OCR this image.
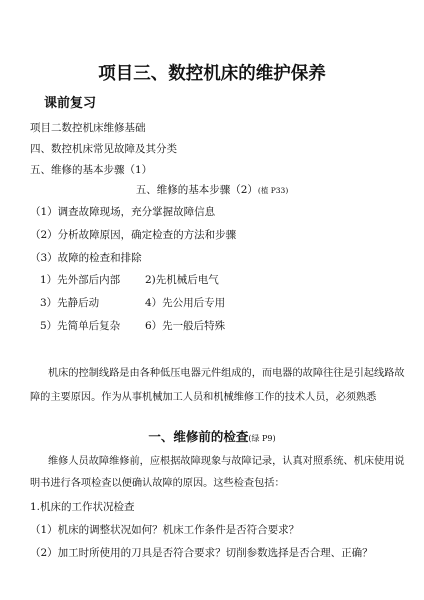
项目三、数控机床的维护保养
课前复习
项目二数控机床维修基础
四、数控机床常见故障及其分类
五、维修的基本步骤（1）
五、维修的基本步骤（2）(植 P33)
（1）调查故障现场，充分掌握故障信息
（2）分析故障原因，确定检查的方法和步骤
（3）故障的检查和排除
1）先外部后内部 2)先机械后电气
3）先静后动	4）先公用后专用
5）先简单后复杂 6）先一般后特殊
机床的控制线路是由各种低压电器元件组成的，而电器的故障往往是引起线路故
障的主要原因。作为从事机械加工人员和机械维修工作的技术人员，必须熟悉
一、维修前的检查(绿 P9)
维修人员故障维修前，应根据故障现象与故障记录，认真对照系统、机床使用说
明书进行各项检查以便确认故障的原因。这些检查包括：
1.机床的工作状况检查
（1）机床的调整状况如何？机床工作条件是否符合要求？
（2）加工时所使用的刀具是否符合要求？切削参数选择是否合理、正确？
